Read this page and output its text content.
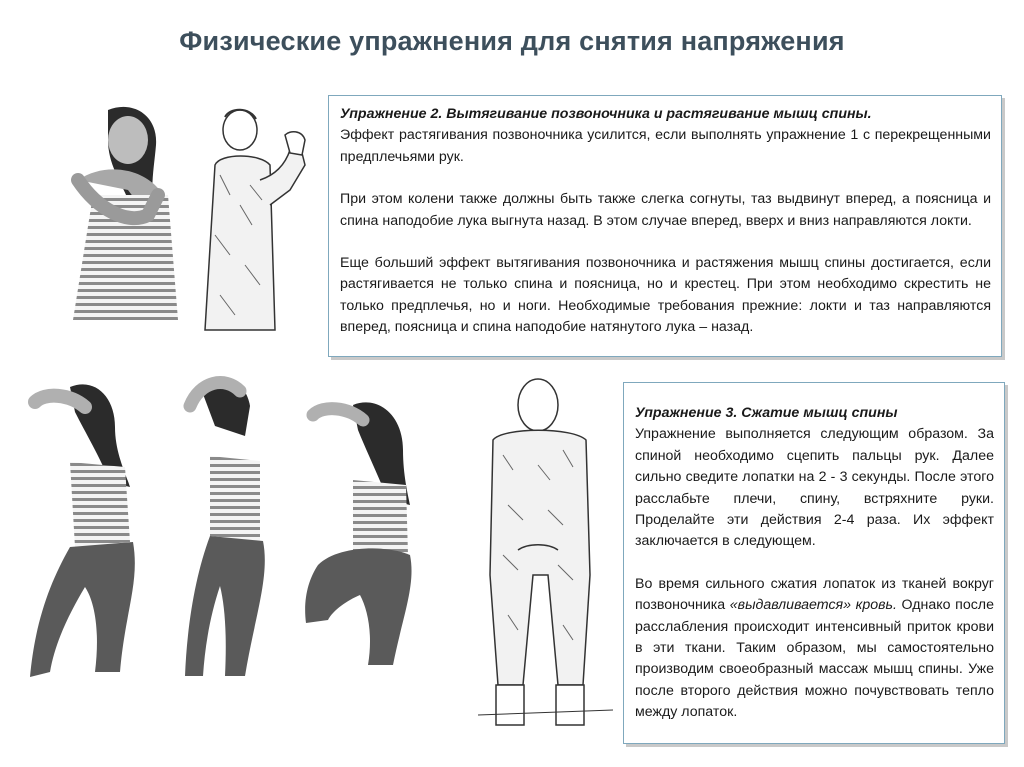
Физические упражнения для снятия напряжения

Упражнение 2. Вытягивание позвоночника и растягивание мышц спины.
Эффект растягивания позвоночника усилится, если выполнять упражнение 1 с перекрещенными предплечьями рук.

При этом колени также должны быть также слегка согнуты, таз выдвинут вперед, а поясница и спина наподобие лука выгнута назад. В этом случае вперед, вверх и вниз направляются локти.

Еще больший эффект вытягивания позвоночника и растяжения мышц спины достигается, если растягивается не только спина и поясница, но и крестец. При этом необходимо скрестить не только предплечья, но и ноги. Необходимые требования прежние: локти и таз направляются вперед, поясница и спина наподобие натянутого лука – назад.

Упражнение 3. Сжатие мышц спины
Упражнение выполняется следующим образом. За спиной необходимо сцепить пальцы рук. Далее сильно сведите лопатки на 2 - 3 секунды. После этого расслабьте плечи, спину, встряхните руки. Проделайте эти действия 2-4 раза. Их эффект заключается в следующем.

Во время сильного сжатия лопаток из тканей вокруг позвоночника «выдавливается» кровь. Однако после расслабления происходит интенсивный приток крови в эти ткани. Таким образом, мы самостоятельно производим своеобразный массаж мышц спины. Уже после второго действия можно почувствовать тепло между лопаток.
